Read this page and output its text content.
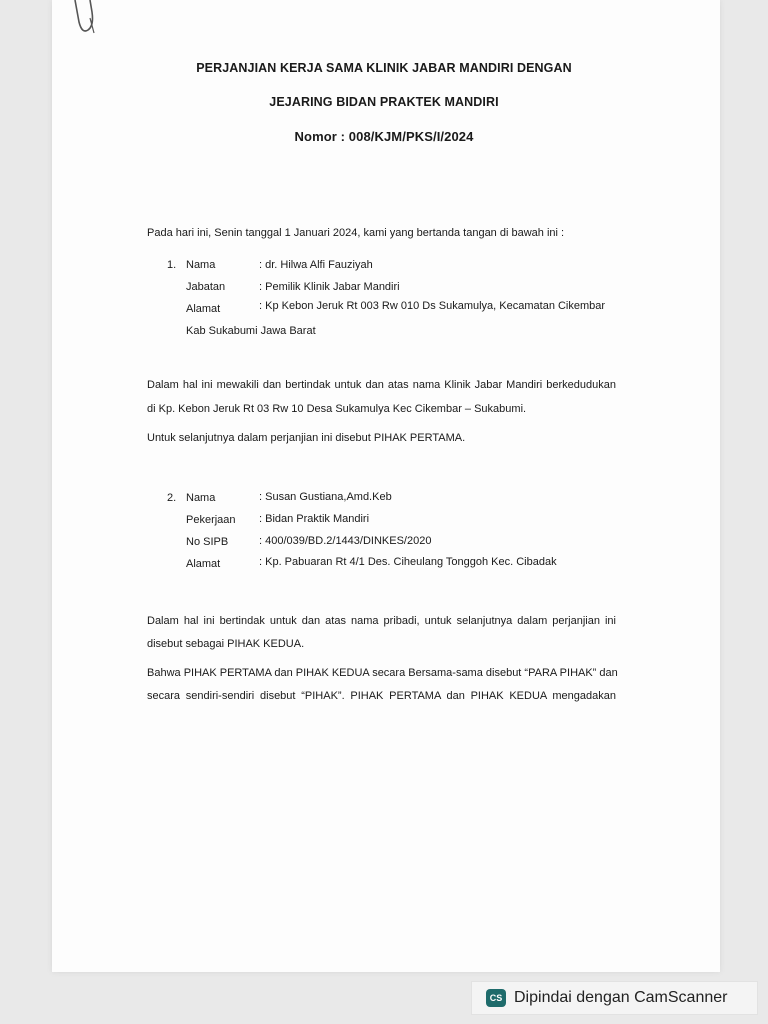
PERJANJIAN KERJA SAMA KLINIK JABAR MANDIRI DENGAN
JEJARING BIDAN PRAKTEK MANDIRI
Nomor : 008/KJM/PKS/I/2024
Pada hari ini, Senin tanggal 1 Januari 2024, kami yang bertanda tangan di bawah ini :
1. Nama	: dr. Hilwa Alfi Fauziyah
Jabatan	: Pemilik Klinik Jabar Mandiri
Alamat	: Kp Kebon Jeruk Rt 003 Rw 010 Ds Sukamulya, Kecamatan Cikembar
Kab Sukabumi Jawa Barat
Dalam hal ini mewakili dan bertindak untuk dan atas nama Klinik Jabar Mandiri berkedudukan
di Kp. Kebon Jeruk Rt 03 Rw 10 Desa Sukamulya Kec Cikembar – Sukabumi.
Untuk selanjutnya dalam perjanjian ini disebut PIHAK PERTAMA.
2. Nama	: Susan Gustiana,Amd.Keb
Pekerjaan : Bidan Praktik Mandiri
No SIPB	: 400/039/BD.2/1443/DINKES/2020
Alamat	: Kp. Pabuaran Rt 4/1 Des. Ciheulang Tonggoh Kec. Cibadak
Dalam hal ini bertindak untuk dan atas nama pribadi, untuk selanjutnya dalam perjanjian ini
disebut sebagai PIHAK KEDUA.
Bahwa PIHAK PERTAMA dan PIHAK KEDUA secara Bersama-sama disebut “PARA PIHAK” dan
secara sendiri-sendiri disebut “PIHAK”. PIHAK PERTAMA dan PIHAK KEDUA mengadakan
CS Dipindai dengan CamScanner
